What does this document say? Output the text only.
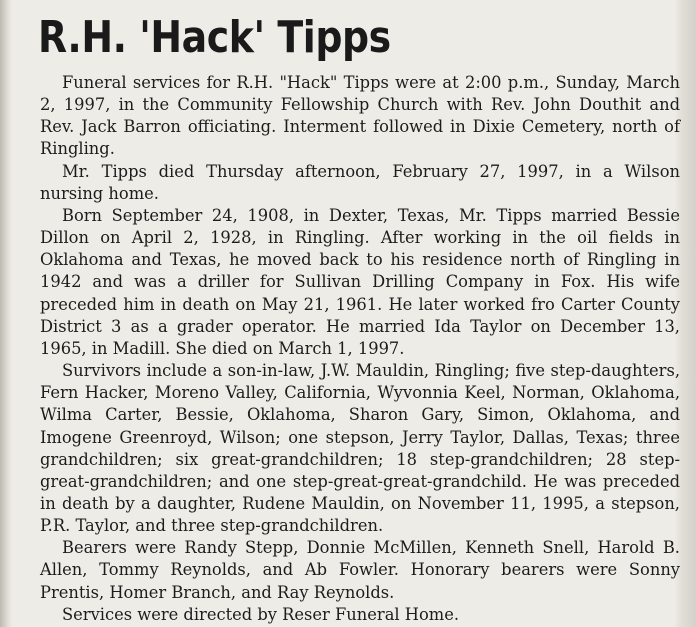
R.H. 'Hack' Tipps

Funeral services for R.H. "Hack" Tipps were at 2:00 p.m., Sunday, March 2, 1997, in the Community Fellowship Church with Rev. John Douthit and Rev. Jack Barron officiating. Interment followed in Dixie Cemetery, north of Ringling.

Mr. Tipps died Thursday afternoon, February 27, 1997, in a Wilson nursing home.

Born September 24, 1908, in Dexter, Texas, Mr. Tipps married Bessie Dillon on April 2, 1928, in Ringling. After working in the oil fields in Oklahoma and Texas, he moved back to his residence north of Ringling in 1942 and was a driller for Sullivan Drilling Company in Fox. His wife preceded him in death on May 21, 1961. He later worked fro Carter County District 3 as a grader operator. He married Ida Taylor on December 13, 1965, in Madill. She died on March 1, 1997.

Survivors include a son-in-law, J.W. Mauldin, Ringling; five step-daughters, Fern Hacker, Moreno Valley, California, Wyvonnia Keel, Norman, Oklahoma, Wilma Carter, Bessie, Oklahoma, Sharon Gary, Simon, Oklahoma, and Imogene Greenroyd, Wilson; one stepson, Jerry Taylor, Dallas, Texas; three grandchildren; six great-grandchildren; 18 step-grandchildren; 28 step-great-grandchildren; and one step-great-great-grandchild. He was preceded in death by a daughter, Rudene Mauldin, on November 11, 1995, a stepson, P.R. Taylor, and three step-grandchildren.

Bearers were Randy Stepp, Donnie McMillen, Kenneth Snell, Harold B. Allen, Tommy Reynolds, and Ab Fowler. Honorary bearers were Sonny Prentis, Homer Branch, and Ray Reynolds.

Services were directed by Reser Funeral Home.
